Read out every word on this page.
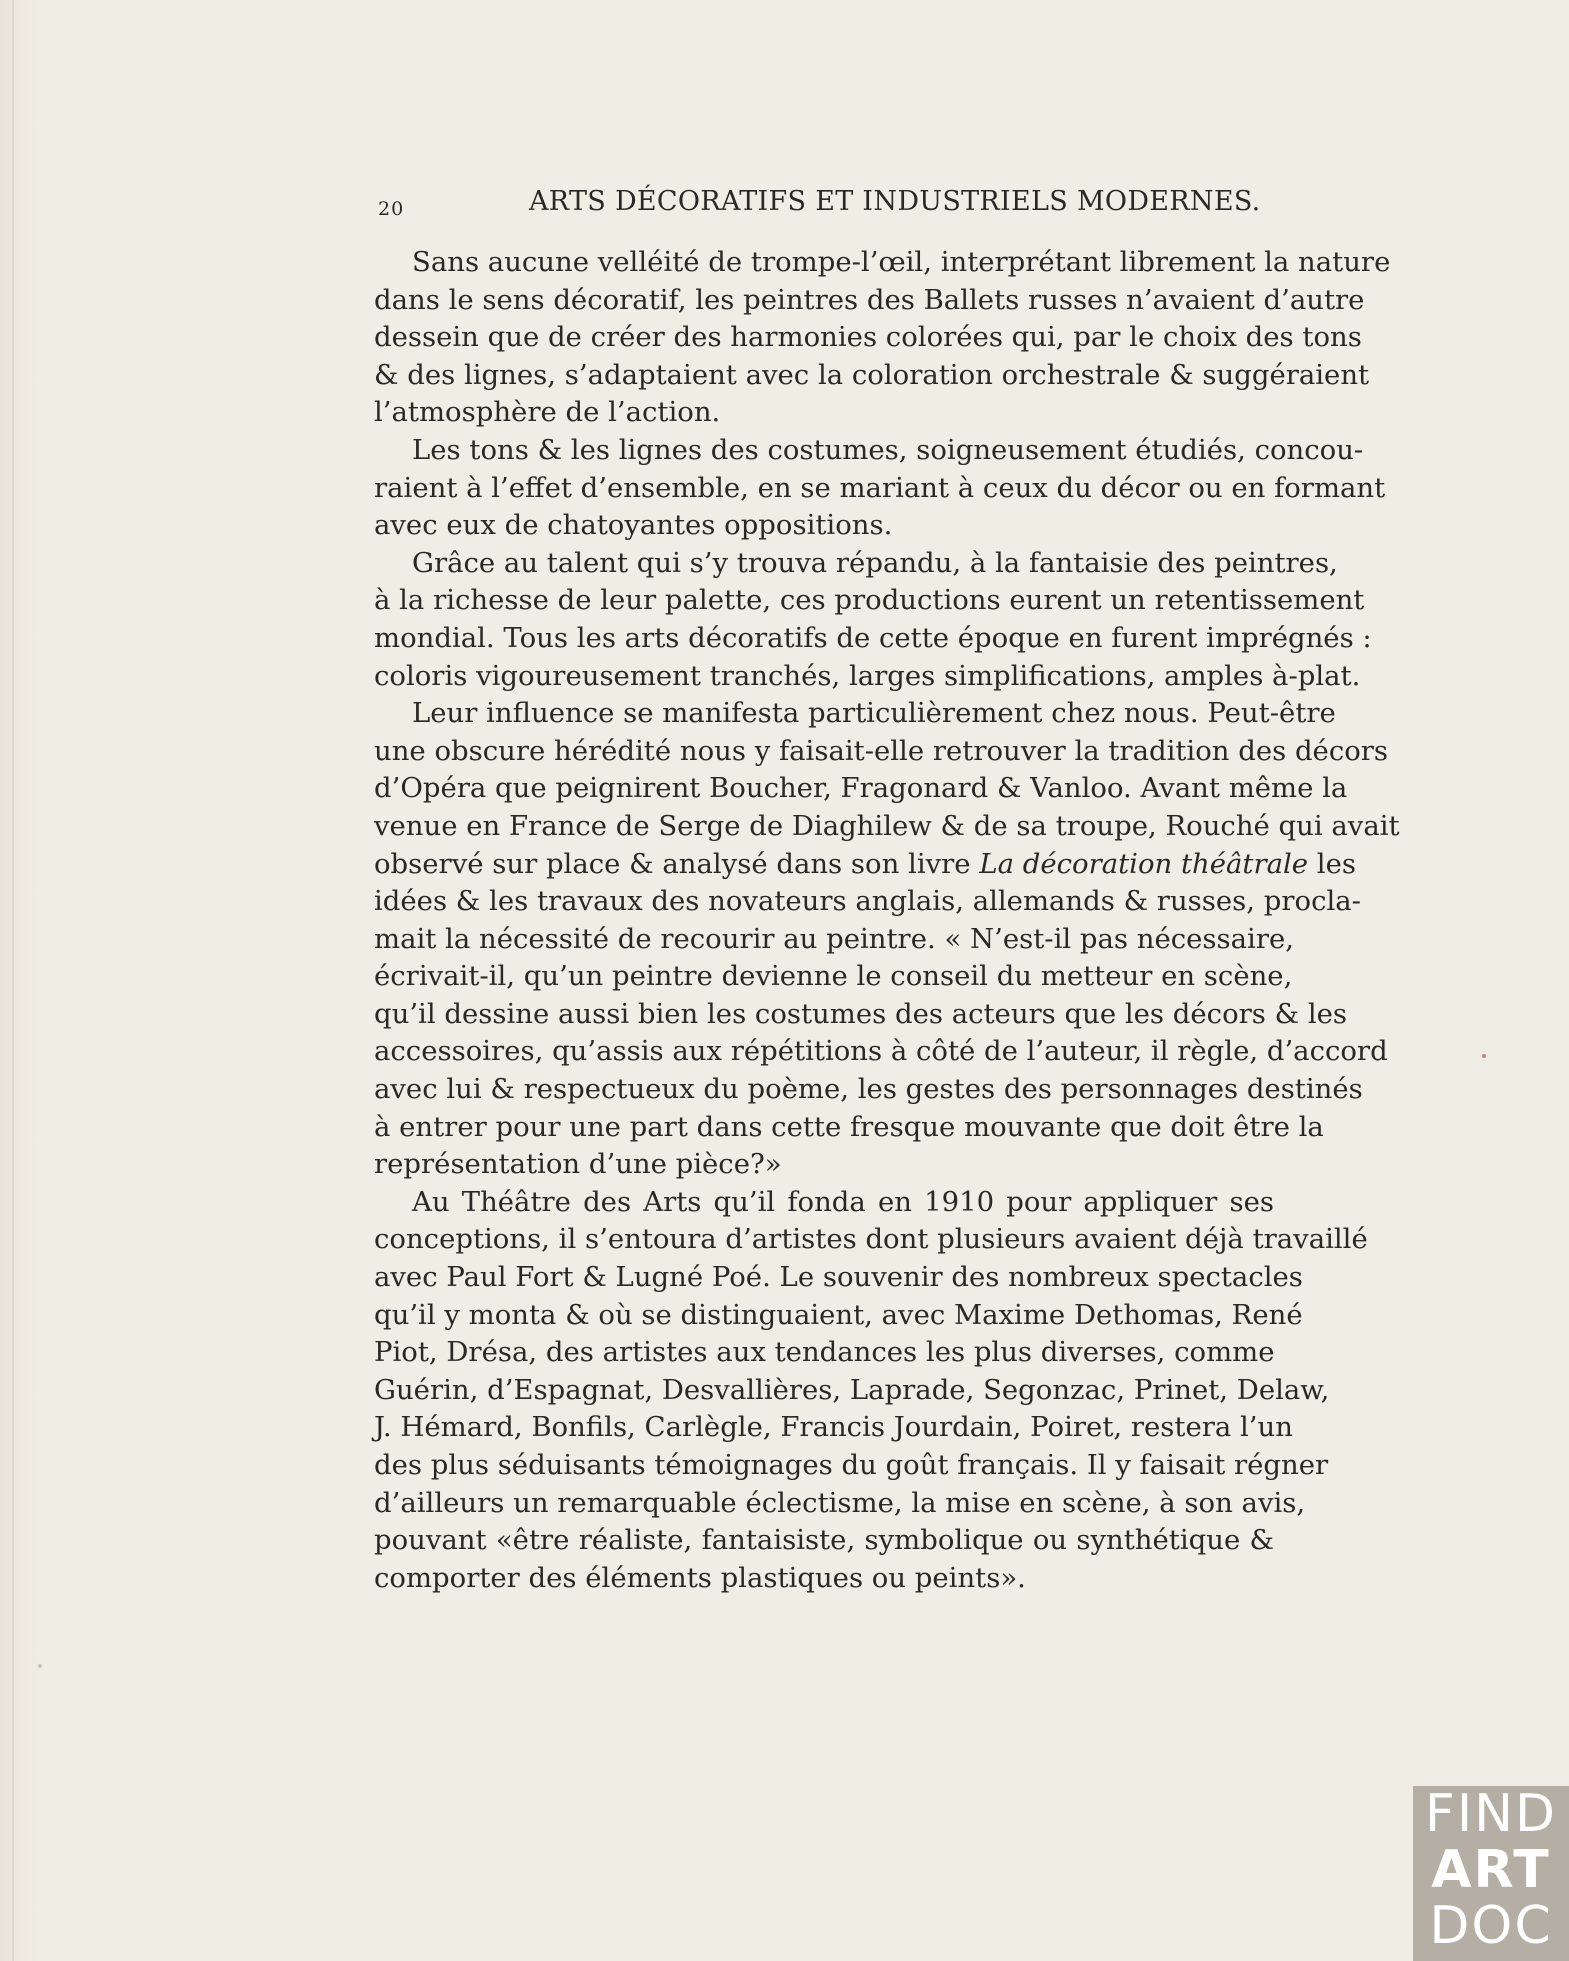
20	ARTS DÉCORATIFS ET INDUSTRIELS MODERNES.
Sans aucune velléité de trompe-l’œil, interprétant librement la nature
dans le sens décoratif, les peintres des Ballets russes n’avaient d’autre
dessein que de créer des harmonies colorées qui, par le choix des tons
& des lignes, s’adaptaient avec la coloration orchestrale & suggéraient
l’atmosphère de l’action.
Les tons & les lignes des costumes, soigneusement étudiés, concou-
raient à l’effet d’ensemble, en se mariant à ceux du décor ou en formant
avec eux de chatoyantes oppositions.
Grâce au talent qui s’y trouva répandu, à la fantaisie des peintres,
à la richesse de leur palette, ces productions eurent un retentissement
mondial. Tous les arts décoratifs de cette époque en furent imprégnés :
coloris vigoureusement tranchés, larges simplifications, amples à-plat.
Leur influence se manifesta particulièrement chez nous. Peut-être
une obscure hérédité nous y faisait-elle retrouver la tradition des décors
d’Opéra que peignirent Boucher, Fragonard & Vanloo. Avant même la
venue en France de Serge de Diaghilew & de sa troupe, Rouché qui avait
observé sur place & analysé dans son livre La décoration théâtrale les
idées & les travaux des novateurs anglais, allemands & russes, procla-
mait la nécessité de recourir au peintre. « N’est-il pas nécessaire,
écrivait-il, qu’un peintre devienne le conseil du metteur en scène,
qu’il dessine aussi bien les costumes des acteurs que les décors & les
accessoires, qu’assis aux répétitions à côté de l’auteur, il règle, d’accord
avec lui & respectueux du poème, les gestes des personnages destinés
à entrer pour une part dans cette fresque mouvante que doit être la
représentation d’une pièce?»
Au Théâtre des Arts qu’il fonda en 1910 pour appliquer ses
conceptions, il s’entoura d’artistes dont plusieurs avaient déjà travaillé
avec Paul Fort & Lugné Poé. Le souvenir des nombreux spectacles
qu’il y monta & où se distinguaient, avec Maxime Dethomas, René
Piot, Drésa, des artistes aux tendances les plus diverses, comme
Guérin, d’Espagnat, Desvallières, Laprade, Segonzac, Prinet, Delaw,
J. Hémard, Bonfils, Carlègle, Francis Jourdain, Poiret, restera l’un
des plus séduisants témoignages du goût français. Il y faisait régner
d’ailleurs un remarquable éclectisme, la mise en scène, à son avis,
pouvant «être réaliste, fantaisiste, symbolique ou synthétique &
comporter des éléments plastiques ou peints».
FIND
ART
DOC
